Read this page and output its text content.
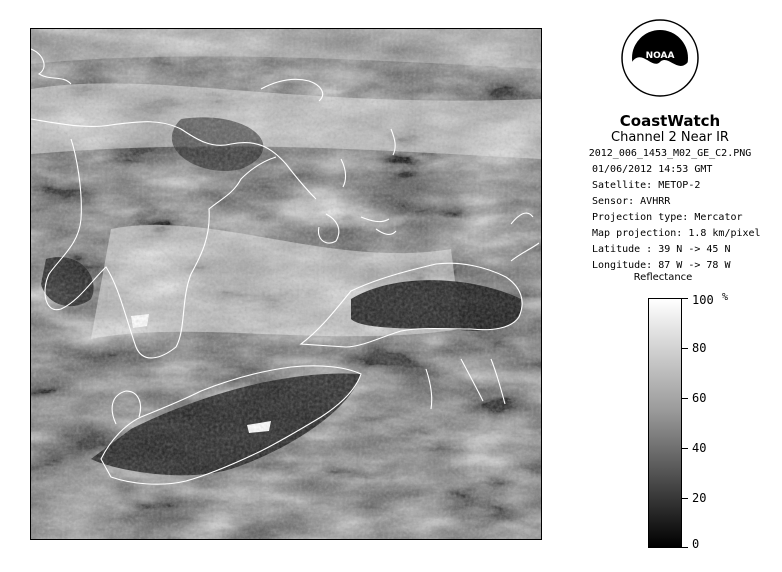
NOAA
CoastWatch
Channel 2 Near IR
2012_006_1453_M02_GE_C2.PNG
01/06/2012 14:53 GMT
Satellite: METOP-2
Sensor: AVHRR
Projection type: Mercator
Map projection: 1.8 km/pixel
Latitude : 39 N -> 45 N
Longitude: 87 W -> 78 W
Reflectance
%
100
80
60
40
20
0
